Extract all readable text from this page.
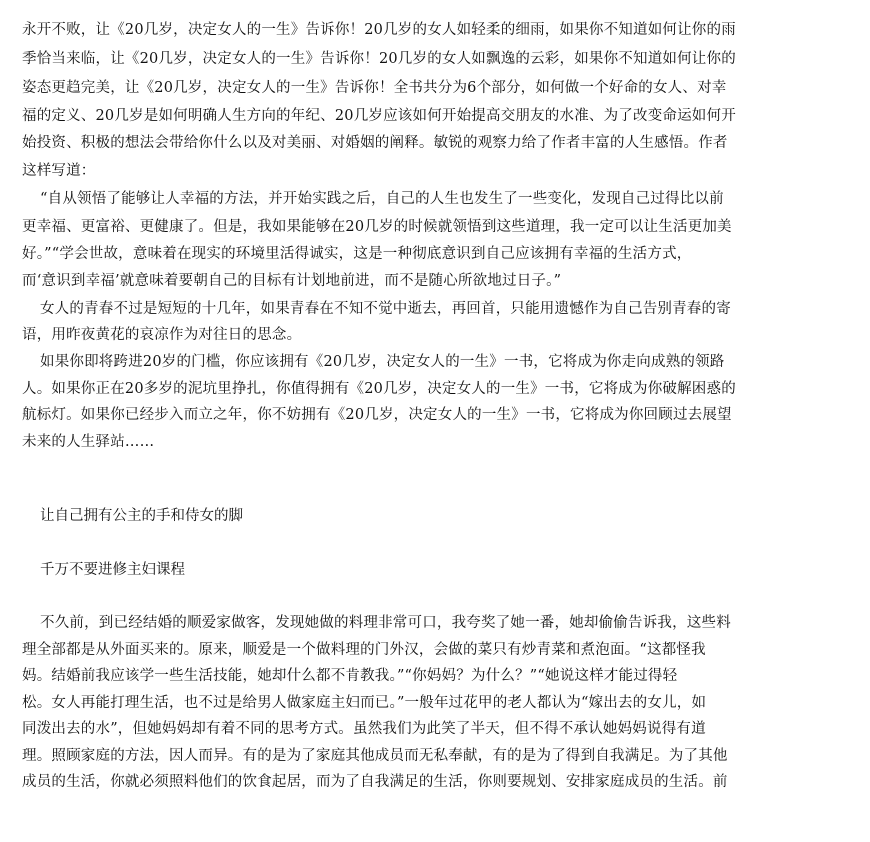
永开不败，让《20几岁，决定女人的一生》告诉你！20几岁的女人如轻柔的细雨，如果你不知道如何让你的雨
季恰当来临，让《20几岁，决定女人的一生》告诉你！20几岁的女人如飘逸的云彩，如果你不知道如何让你的
姿态更趋完美，让《20几岁，决定女人的一生》告诉你！全书共分为6个部分，如何做一个好命的女人、对幸
福的定义、20几岁是如何明确人生方向的年纪、20几岁应该如何开始提高交朋友的水准、为了改变命运如何开
始投资、积极的想法会带给你什么以及对美丽、对婚姻的阐释。敏锐的观察力给了作者丰富的人生感悟。作者
这样写道：
“自从领悟了能够让人幸福的方法，并开始实践之后，自己的人生也发生了一些变化，发现自己过得比以前
更幸福、更富裕、更健康了。但是，我如果能够在20几岁的时候就领悟到这些道理，我一定可以让生活更加美
好。”“学会世故，意味着在现实的环境里活得诚实，这是一种彻底意识到自己应该拥有幸福的生活方式，
而‘意识到幸福’就意味着要朝自己的目标有计划地前进，而不是随心所欲地过日子。”
女人的青春不过是短短的十几年，如果青春在不知不觉中逝去，再回首，只能用遗憾作为自己告别青春的寄
语，用昨夜黄花的哀凉作为对往日的思念。
如果你即将跨进20岁的门槛，你应该拥有《20几岁，决定女人的一生》一书，它将成为你走向成熟的领路
人。如果你正在20多岁的泥坑里挣扎，你值得拥有《20几岁，决定女人的一生》一书，它将成为你破解困惑的
航标灯。如果你已经步入而立之年，你不妨拥有《20几岁，决定女人的一生》一书，它将成为你回顾过去展望
未来的人生驿站……
让自己拥有公主的手和侍女的脚
千万不要进修主妇课程
不久前，到已经结婚的顺爱家做客，发现她做的料理非常可口，我夸奖了她一番，她却偷偷告诉我，这些料
理全部都是从外面买来的。原来，顺爱是一个做料理的门外汉，会做的菜只有炒青菜和煮泡面。“这都怪我
妈。结婚前我应该学一些生活技能，她却什么都不肯教我。”“你妈妈？为什么？”“她说这样才能过得轻
松。女人再能打理生活，也不过是给男人做家庭主妇而已。”一般年过花甲的老人都认为“嫁出去的女儿，如
同泼出去的水”，但她妈妈却有着不同的思考方式。虽然我们为此笑了半天，但不得不承认她妈妈说得有道
理。照顾家庭的方法，因人而异。有的是为了家庭其他成员而无私奉献，有的是为了得到自我满足。为了其他
成员的生活，你就必须照料他们的饮食起居，而为了自我满足的生活，你则要规划、安排家庭成员的生活。前
